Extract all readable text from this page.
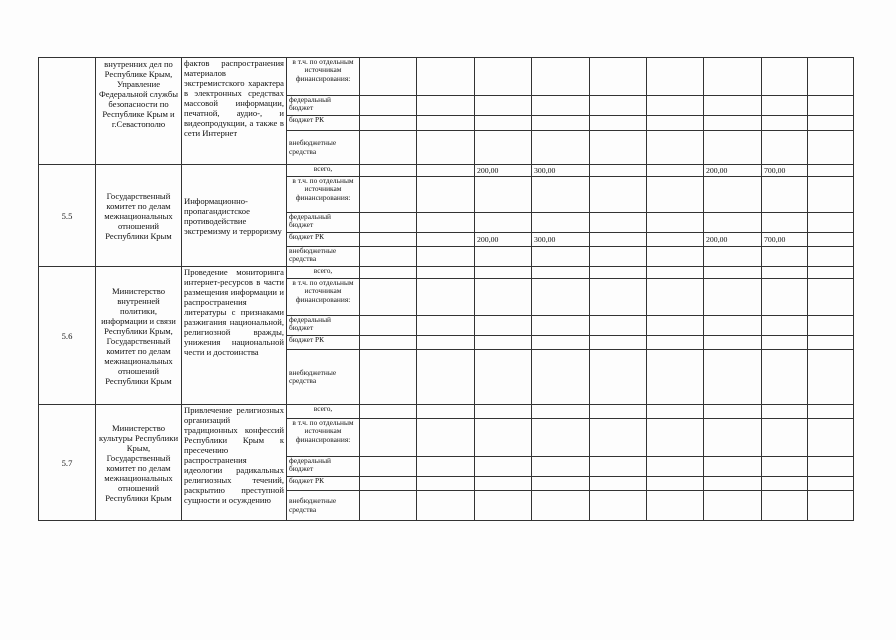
	внутренних дел по Республике Крым, Управление Федеральной службы безопасности по Республике Крым и г.Севастополю	фактов распространения материалов экстремистского характера в электронных средствах массовой информации, печатной, аудио-, и видеопродукции, а также в сети Интернет	в т.ч. по отдельным источникам финансирования:									
			федеральный бюджет									
			бюджет РК									
			внебюджетные средства									
5.5	Государственный комитет по делам межнациональных отношений Республики Крым	Информационно-пропагандистское противодействие экстремизму и терроризму	всего,			200,00	300,00			200,00	700,00	
			в т.ч. по отдельным источникам финансирования:									
			федеральный бюджет									
			бюджет РК			200,00	300,00			200,00	700,00	
			внебюджетные средства									
5.6	Министерство внутренней политики, информации и связи Республики Крым, Государственный комитет по делам межнациональных отношений Республики Крым	Проведение мониторинга интернет-ресурсов в части размещения информации и распространения литературы с признаками разжигания национальной, религиозной вражды, унижения национальной чести и достоинства	всего,									
			в т.ч. по отдельным источникам финансирования:									
			федеральный бюджет									
			бюджет РК									
			внебюджетные средства									
5.7	Министерство культуры Республики Крым, Государственный комитет по делам межнациональных отношений Республики Крым	Привлечение религиозных организаций традиционных конфессий Республики Крым к пресечению распространения идеологии радикальных религиозных течений, раскрытию преступной сущности и осуждению	всего,									
			в т.ч. по отдельным источникам финансирования:									
			федеральный бюджет									
			бюджет РК									
			внебюджетные средства									
